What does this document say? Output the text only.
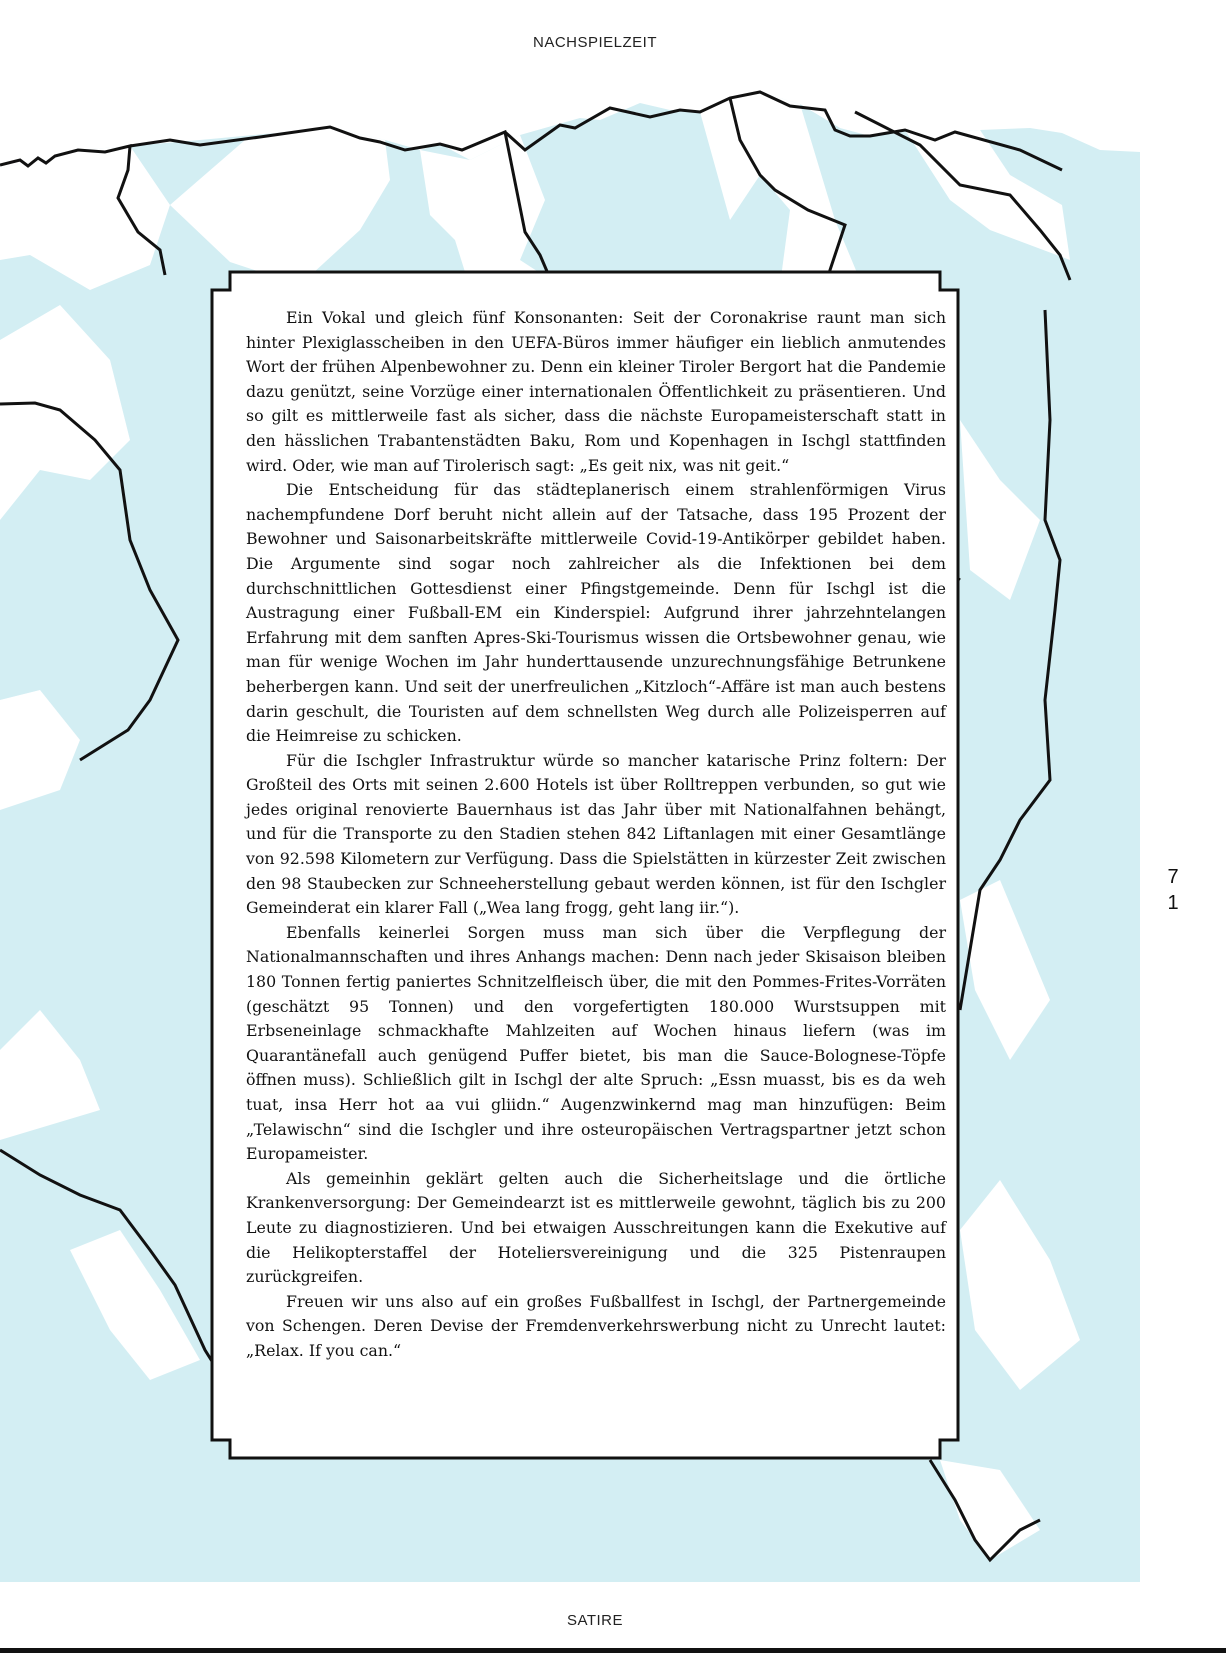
NACHSPIELZEIT

Ein Vokal und gleich fünf Konsonanten: Seit der Coronakrise raunt man sich hinter Plexiglasscheiben in den UEFA-Büros immer häufiger ein lieblich anmutendes Wort der frühen Alpenbewohner zu. Denn ein kleiner Tiroler Bergort hat die Pandemie dazu genützt, seine Vorzüge einer internationalen Öffentlichkeit zu präsentieren. Und so gilt es mittlerweile fast als sicher, dass die nächste Europameisterschaft statt in den hässlichen Trabantenstädten Baku, Rom und Kopenhagen in Ischgl stattfinden wird. Oder, wie man auf Tirolerisch sagt: „Es geit nix, was nit geit.“

Die Entscheidung für das städteplanerisch einem strahlenförmigen Virus nachempfundene Dorf beruht nicht allein auf der Tatsache, dass 195 Prozent der Bewohner und Saisonarbeitskräfte mittlerweile Covid-19-Antikörper gebildet haben. Die Argumente sind sogar noch zahlreicher als die Infektionen bei dem durchschnittlichen Gottesdienst einer Pfingstgemeinde. Denn für Ischgl ist die Austragung einer Fußball-EM ein Kinderspiel: Aufgrund ihrer jahrzehntelangen Erfahrung mit dem sanften Apres-Ski-Tourismus wissen die Ortsbewohner genau, wie man für wenige Wochen im Jahr hunderttausende unzurechnungsfähige Betrunkene beherbergen kann. Und seit der unerfreulichen „Kitzloch“-Affäre ist man auch bestens darin geschult, die Touristen auf dem schnellsten Weg durch alle Polizeisperren auf die Heimreise zu schicken.

Für die Ischgler Infrastruktur würde so mancher katarische Prinz foltern: Der Großteil des Orts mit seinen 2.600 Hotels ist über Rolltreppen verbunden, so gut wie jedes original renovierte Bauernhaus ist das Jahr über mit Nationalfahnen behängt, und für die Transporte zu den Stadien stehen 842 Liftanlagen mit einer Gesamtlänge von 92.598 Kilometern zur Verfügung. Dass die Spielstätten in kürzester Zeit zwischen den 98 Staubecken zur Schneeherstellung gebaut werden können, ist für den Ischgler Gemeinderat ein klarer Fall („Wea lang frogg, geht lang iir.“).

Ebenfalls keinerlei Sorgen muss man sich über die Verpflegung der Nationalmannschaften und ihres Anhangs machen: Denn nach jeder Skisaison bleiben 180 Tonnen fertig paniertes Schnitzelfleisch über, die mit den Pommes-Frites-Vorräten (geschätzt 95 Tonnen) und den vorgefertigten 180.000 Wurstsuppen mit Erbseneinlage schmackhafte Mahlzeiten auf Wochen hinaus liefern (was im Quarantänefall auch genügend Puffer bietet, bis man die Sauce-Bolognese-Töpfe öffnen muss). Schließlich gilt in Ischgl der alte Spruch: „Essn muasst, bis es da weh tuat, insa Herr hot aa vui gliidn.“ Augenzwinkernd mag man hinzufügen: Beim „Telawischn“ sind die Ischgler und ihre osteuropäischen Vertragspartner jetzt schon Europameister.

Als gemeinhin geklärt gelten auch die Sicherheitslage und die örtliche Krankenversorgung: Der Gemeindearzt ist es mittlerweile gewohnt, täglich bis zu 200 Leute zu diagnostizieren. Und bei etwaigen Ausschreitungen kann die Exekutive auf die Helikopterstaffel der Hoteliersvereinigung und die 325 Pistenraupen zurückgreifen.

Freuen wir uns also auf ein großes Fußballfest in Ischgl, der Partnergemeinde von Schengen. Deren Devise der Fremdenverkehrswerbung nicht zu Unrecht lautet: „Relax. If you can.“

7
1
SATIRE
